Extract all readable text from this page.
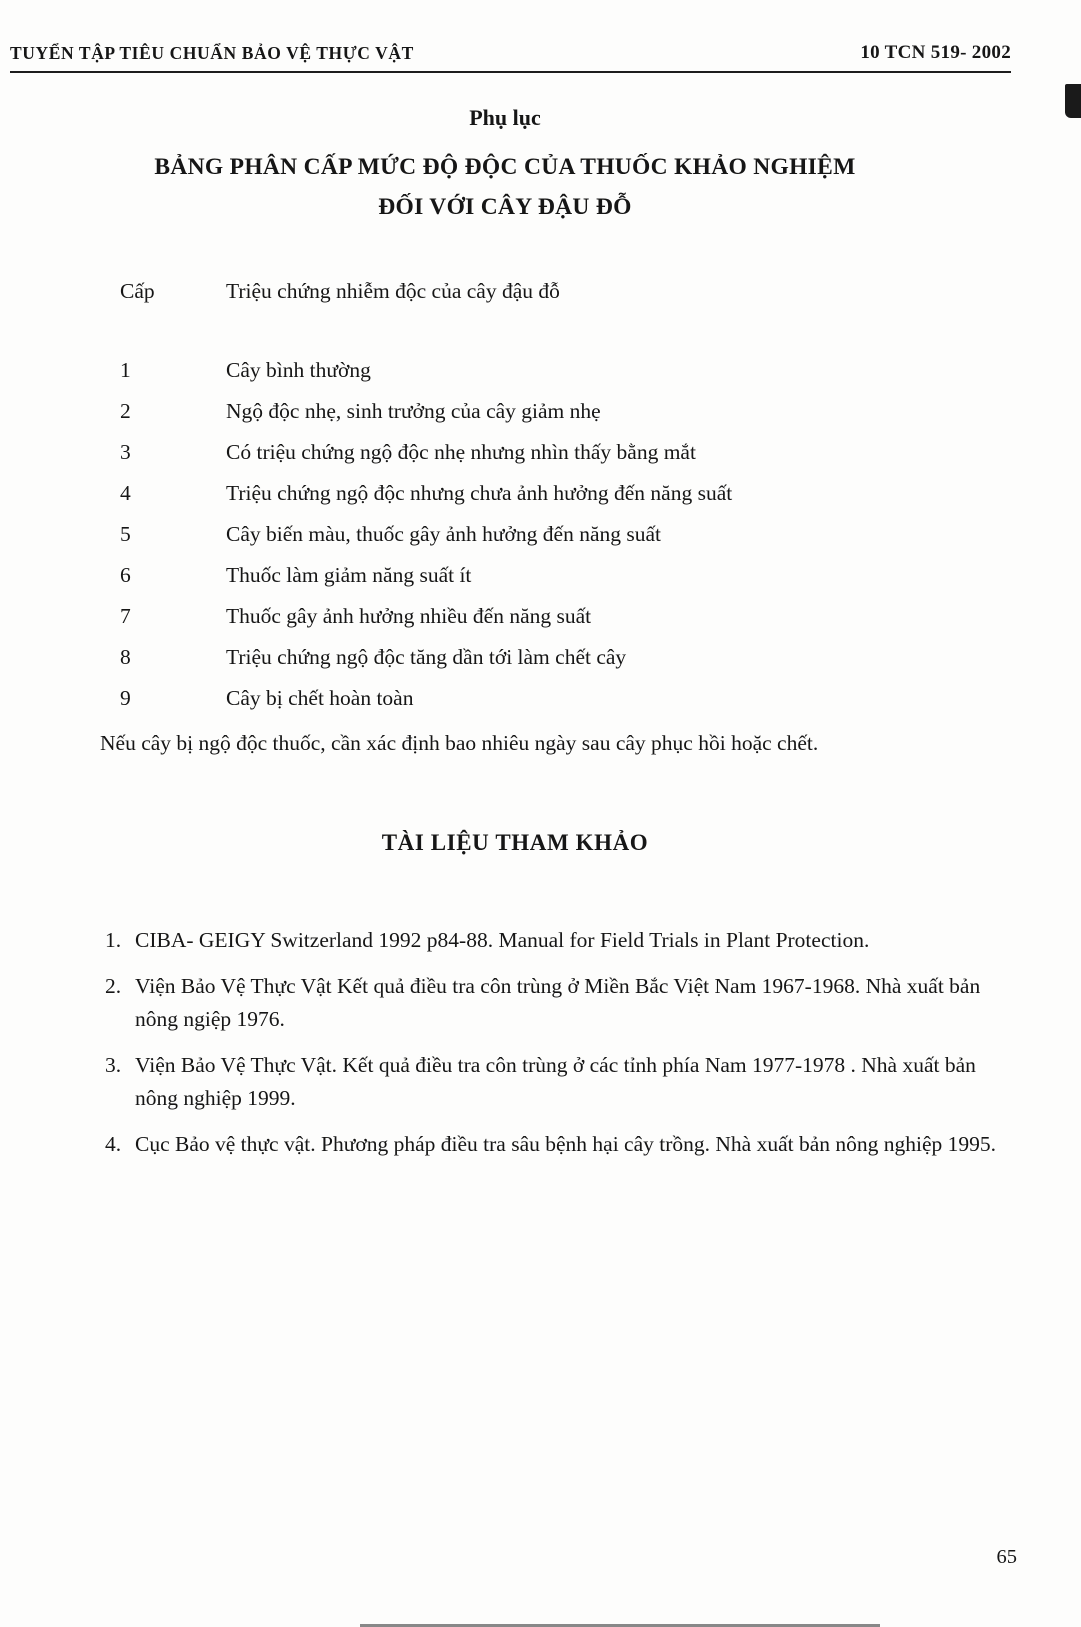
TUYỂN TẬP TIÊU CHUẨN BẢO VỆ THỰC VẬT	10 TCN 519- 2002
Phụ lục
BẢNG PHÂN CẤP MỨC ĐỘ ĐỘC CỦA THUỐC KHẢO NGHIỆM
ĐỐI VỚI CÂY ĐẬU ĐỖ
Cấp	Triệu chứng nhiễm độc của cây đậu đỗ
1	Cây bình thường
2	Ngộ độc nhẹ, sinh trưởng của cây giảm nhẹ
3	Có triệu chứng ngộ độc nhẹ nhưng nhìn thấy bằng mắt
4	Triệu chứng ngộ độc nhưng chưa ảnh hưởng đến năng suất
5	Cây biến màu, thuốc gây ảnh hưởng đến năng suất
6	Thuốc làm giảm năng suất ít
7	Thuốc gây ảnh hưởng nhiều đến năng suất
8	Triệu chứng ngộ độc tăng dần tới làm chết cây
9	Cây bị chết hoàn toàn
Nếu cây bị ngộ độc thuốc, cần xác định bao nhiêu ngày sau cây phục hồi hoặc chết.
TÀI LIỆU THAM KHẢO
1. CIBA- GEIGY Switzerland 1992 p84-88. Manual for Field Trials in Plant Protection.
2. Viện Bảo Vệ Thực Vật Kết quả điều tra côn trùng ở Miền Bắc Việt Nam 1967-1968. Nhà xuất bản nông ngiệp 1976.
3. Viện Bảo Vệ Thực Vật. Kết quả điều tra côn trùng ở các tỉnh phía Nam 1977-1978 . Nhà xuất bản nông nghiệp 1999.
4. Cục Bảo vệ thực vật. Phương pháp điều tra sâu bệnh hại cây trồng. Nhà xuất bản nông nghiệp 1995.
65
